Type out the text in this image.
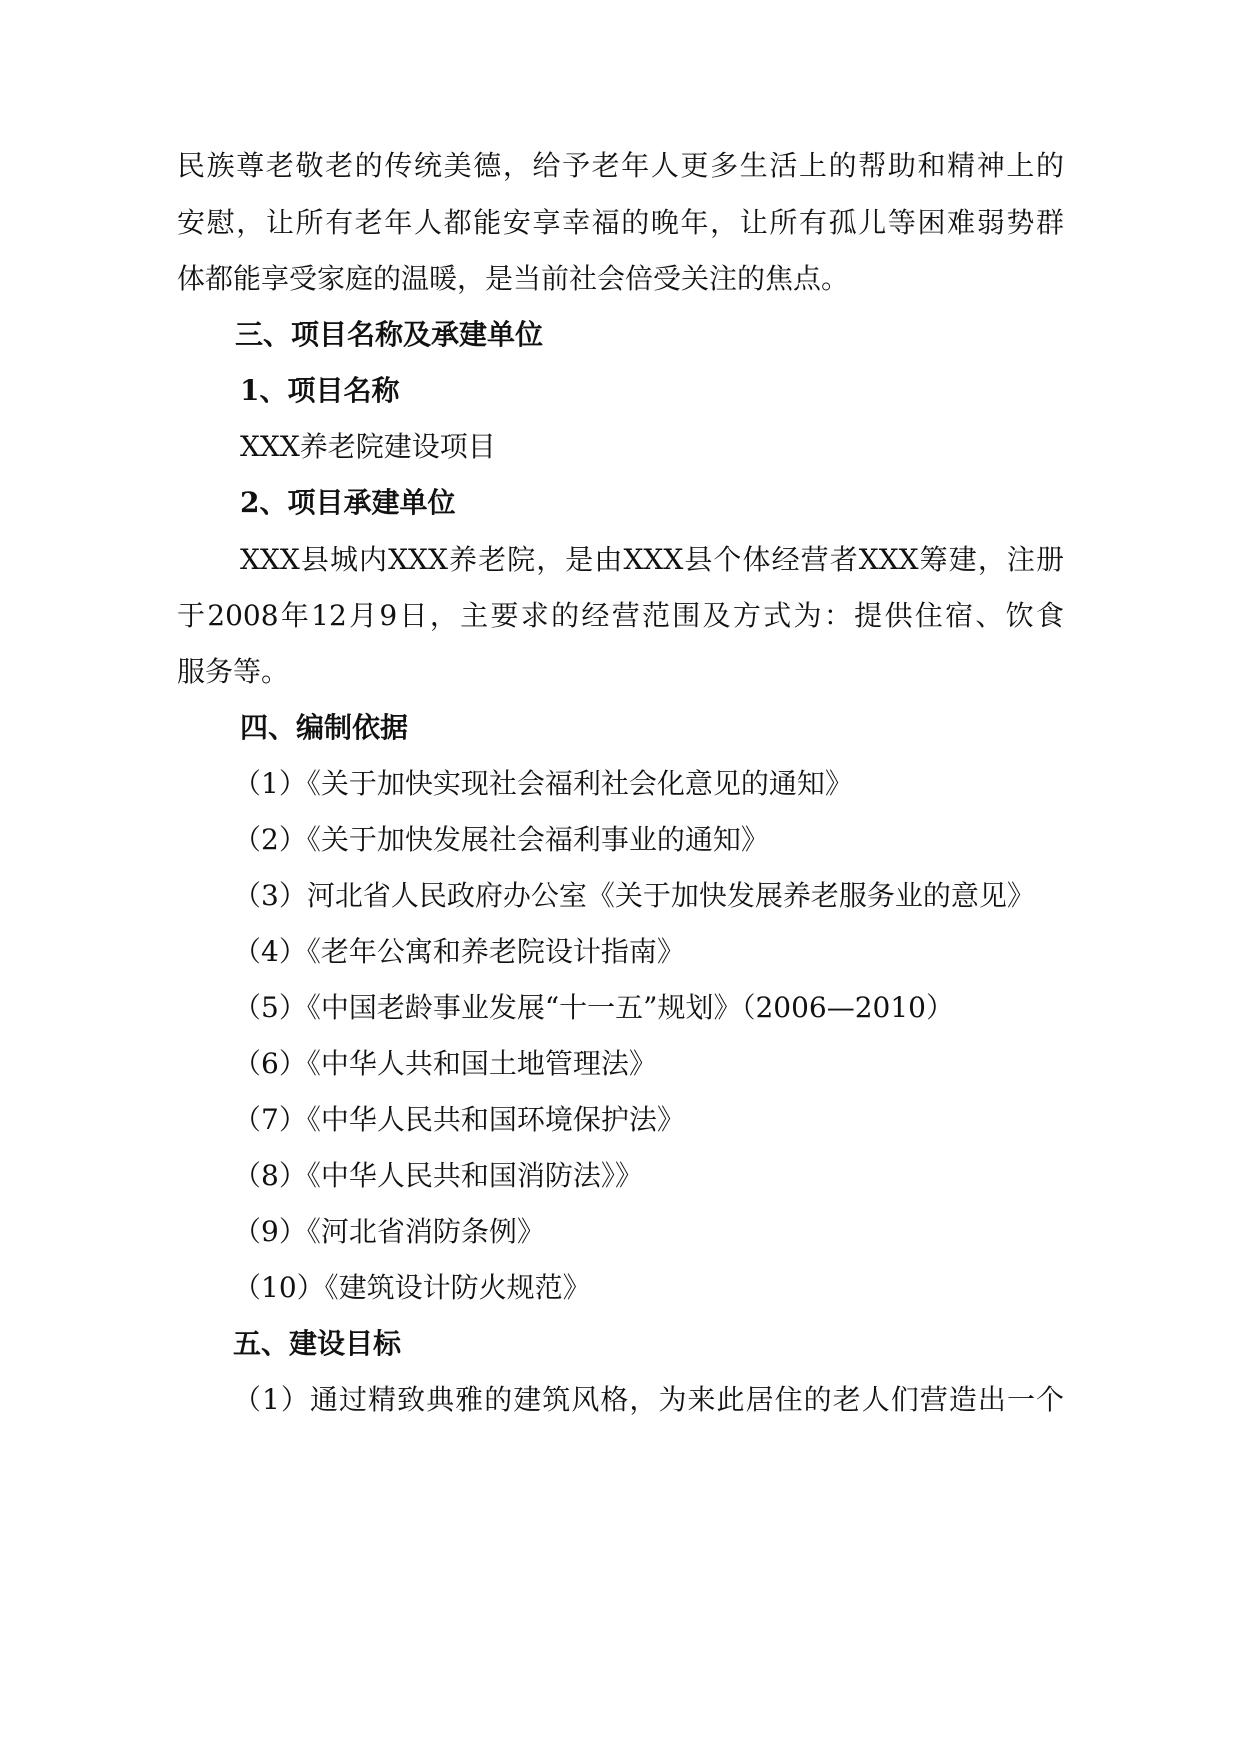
民族尊老敬老的传统美德，给予老年人更多生活上的帮助和精神上的

安慰，让所有老年人都能安享幸福的晚年，让所有孤儿等困难弱势群

体都能享受家庭的温暖，是当前社会倍受关注的焦点。

三、项目名称及承建单位

1、项目名称

XXX养老院建设项目

2、项目承建单位

XXX县城内XXX养老院，是由XXX县个体经营者XXX筹建，注册

于2008年12月9日，主要求的经营范围及方式为：提供住宿、饮食

服务等。

四、编制依据

（1）《关于加快实现社会福利社会化意见的通知》

（2）《关于加快发展社会福利事业的通知》

（3）河北省人民政府办公室《关于加快发展养老服务业的意见》

（4）《老年公寓和养老院设计指南》

（5）《中国老龄事业发展“十一五”规划》（2006—2010）

（6）《中华人共和国土地管理法》

（7）《中华人民共和国环境保护法》

（8）《中华人民共和国消防法》》

（9）《河北省消防条例》

（10）《建筑设计防火规范》

五、建设目标

（1）通过精致典雅的建筑风格，为来此居住的老人们营造出一个
